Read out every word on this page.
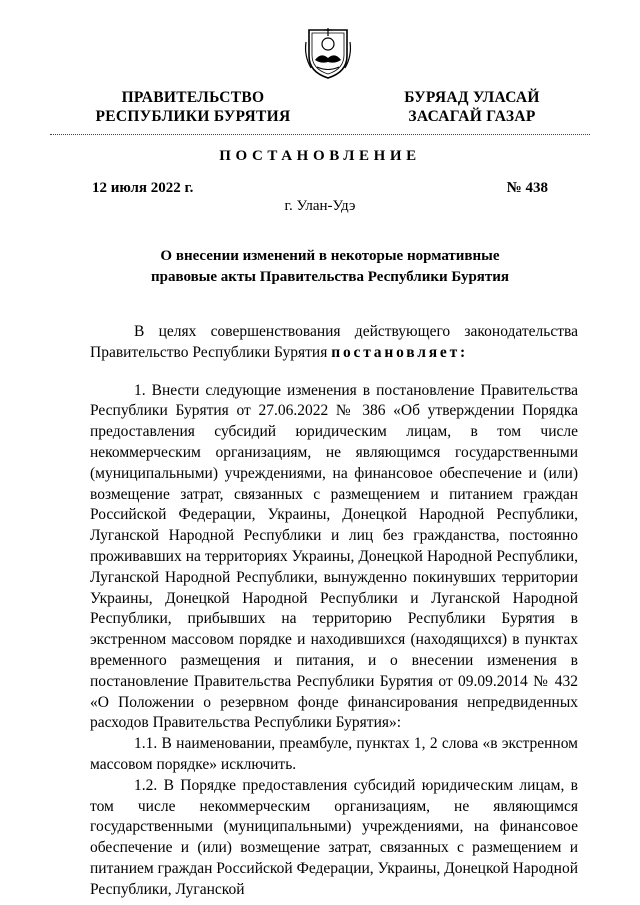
ПРАВИТЕЛЬСТВО
РЕСПУБЛИКИ БУРЯТИЯ
БУРЯАД УЛАСАЙ
ЗАСАГАЙ ГАЗАР
ПОСТАНОВЛЕНИЕ
12 июля 2022 г.	№ 438
г. Улан-Удэ
О внесении изменений в некоторые нормативные
правовые акты Правительства Республики Бурятия

В целях совершенствования действующего законодательства Правительство Республики Бурятия постановляет:

1. Внести следующие изменения в постановление Правительства Республики Бурятия от 27.06.2022 № 386 «Об утверждении Порядка предоставления субсидий юридическим лицам, в том числе некоммерческим организациям, не являющимся государственными (муниципальными) учреждениями, на финансовое обеспечение и (или) возмещение затрат, связанных с размещением и питанием граждан Российской Федерации, Украины, Донецкой Народной Республики, Луганской Народной Республики и лиц без гражданства, постоянно проживавших на территориях Украины, Донецкой Народной Республики, Луганской Народной Республики, вынужденно покинувших территории Украины, Донецкой Народной Республики и Луганской Народной Республики, прибывших на территорию Республики Бурятия в экстренном массовом порядке и находившихся (находящихся) в пунктах временного размещения и питания, и о внесении изменения в постановление Правительства Республики Бурятия от 09.09.2014 № 432 «О Положении о резервном фонде финансирования непредвиденных расходов Правительства Республики Бурятия»:

1.1. В наименовании, преамбуле, пунктах 1, 2 слова «в экстренном массовом порядке» исключить.

1.2. В Порядке предоставления субсидий юридическим лицам, в том числе некоммерческим организациям, не являющимся государственными (муниципальными) учреждениями, на финансовое обеспечение и (или) возмещение затрат, связанных с размещением и питанием граждан Российской Федерации, Украины, Донецкой Народной Республики, Луганской
